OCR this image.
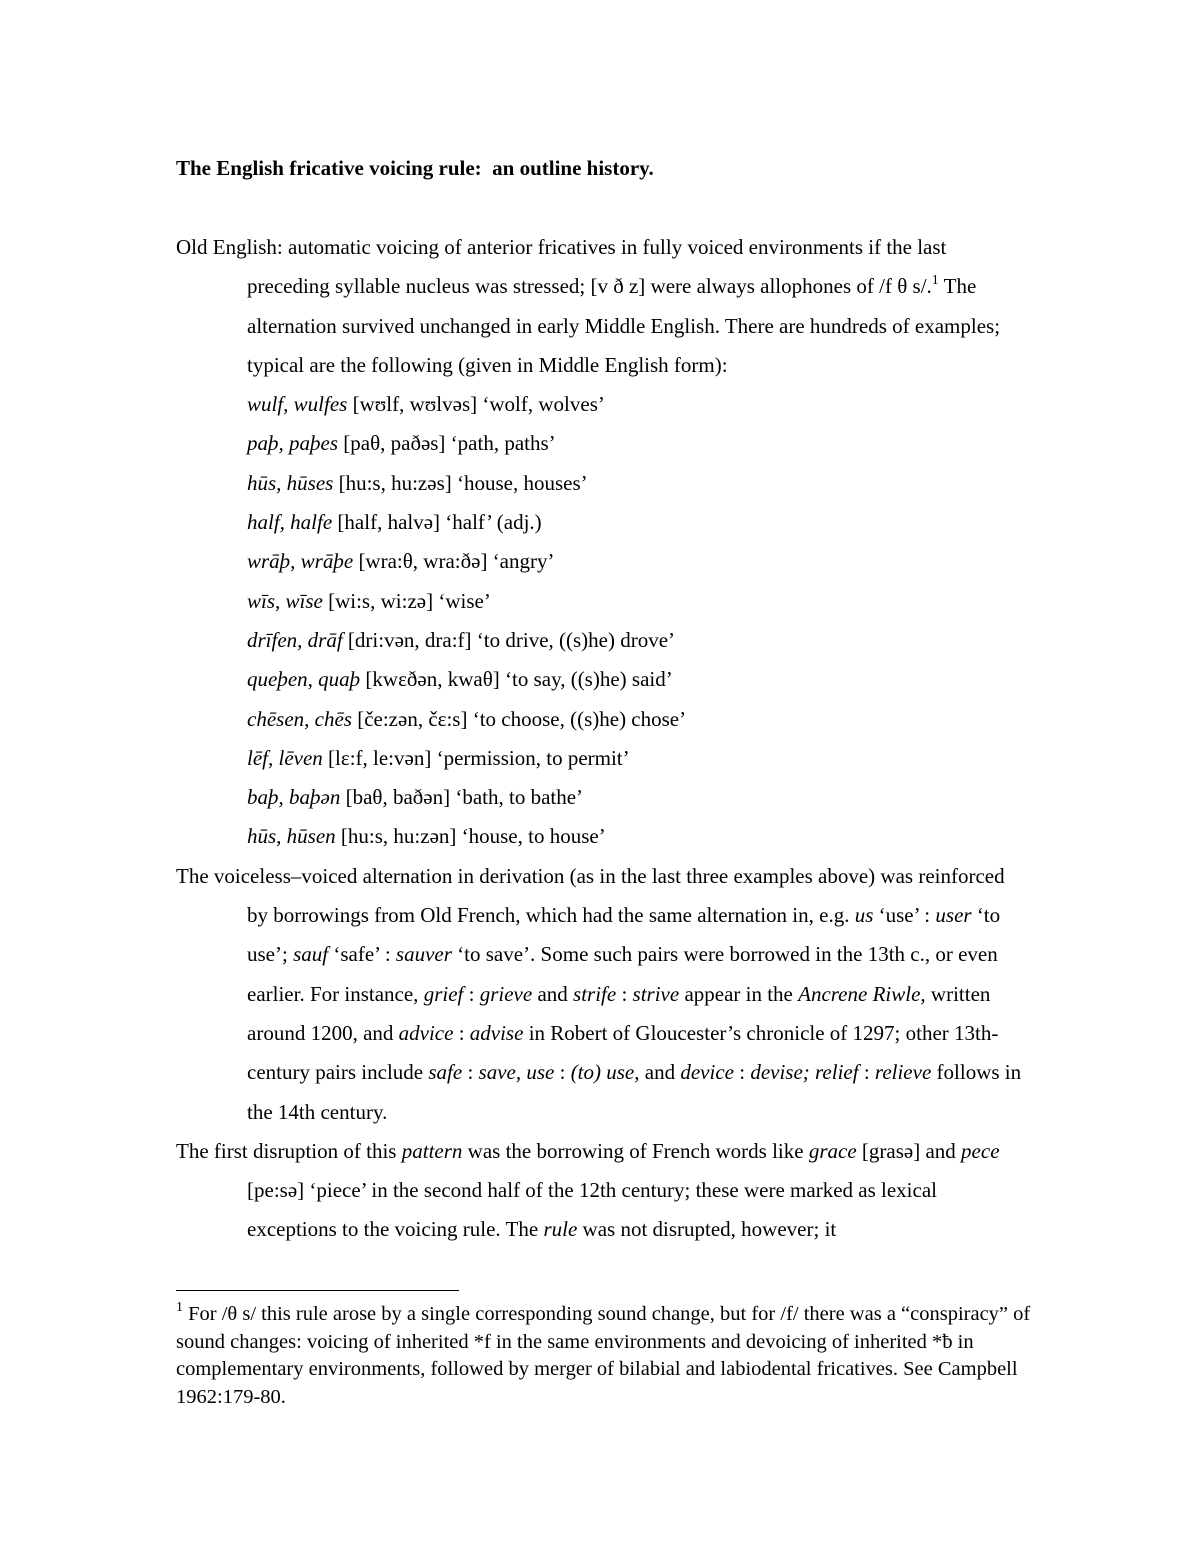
The English fricative voicing rule:  an outline history.

Old English: automatic voicing of anterior fricatives in fully voiced environments if the last preceding syllable nucleus was stressed; [v ð z] were always allophones of /f θ s/.$^1$ The alternation survived unchanged in early Middle English. There are hundreds of examples; typical are the following (given in Middle English form):

wulf, wulfes [wʊlf, wʊlvəs] ‘wolf, wolves’
paþ, paþes [paθ, paðəs] ‘path, paths’
hūs, hūses [hu:s, hu:zəs] ‘house, houses’
half, halfe [half, halvə] ‘half’ (adj.)
wrāþ, wrāþe [wra:θ, wra:ðə] ‘angry’
wīs, wīse [wi:s, wi:zə] ‘wise’
drīfen, drāf [dri:vən, dra:f] ‘to drive, ((s)he) drove’
queþen, quaþ [kwɛðən, kwaθ] ‘to say, ((s)he) said’
chēsen, chēs [če:zən, čɛ:s] ‘to choose, ((s)he) chose’
lēf, lēven [lɛ:f, le:vən] ‘permission, to permit’
baþ, baþən [baθ, baðən] ‘bath, to bathe’
hūs, hūsen [hu:s, hu:zən] ‘house, to house’

The voiceless–voiced alternation in derivation (as in the last three examples above) was reinforced by borrowings from Old French, which had the same alternation in, e.g. us ‘use’ : user ‘to use’; sauf ‘safe’ : sauver ‘to save’. Some such pairs were borrowed in the 13th c., or even earlier. For instance, grief : grieve and strife : strive appear in the Ancrene Riwle, written around 1200, and advice : advise in Robert of Gloucester’s chronicle of 1297; other 13th-century pairs include safe : save, use : (to) use, and device : devise; relief : relieve follows in the 14th century.

The first disruption of this pattern was the borrowing of French words like grace [grasə] and pece [pe:sə] ‘piece’ in the second half of the 12th century; these were marked as lexical exceptions to the voicing rule. The rule was not disrupted, however; it

$^1$ For /θ s/ this rule arose by a single corresponding sound change, but for /f/ there was a “conspiracy” of sound changes: voicing of inherited *f in the same environments and devoicing of inherited *ƀ in complementary environments, followed by merger of bilabial and labiodental fricatives. See Campbell 1962:179-80.
